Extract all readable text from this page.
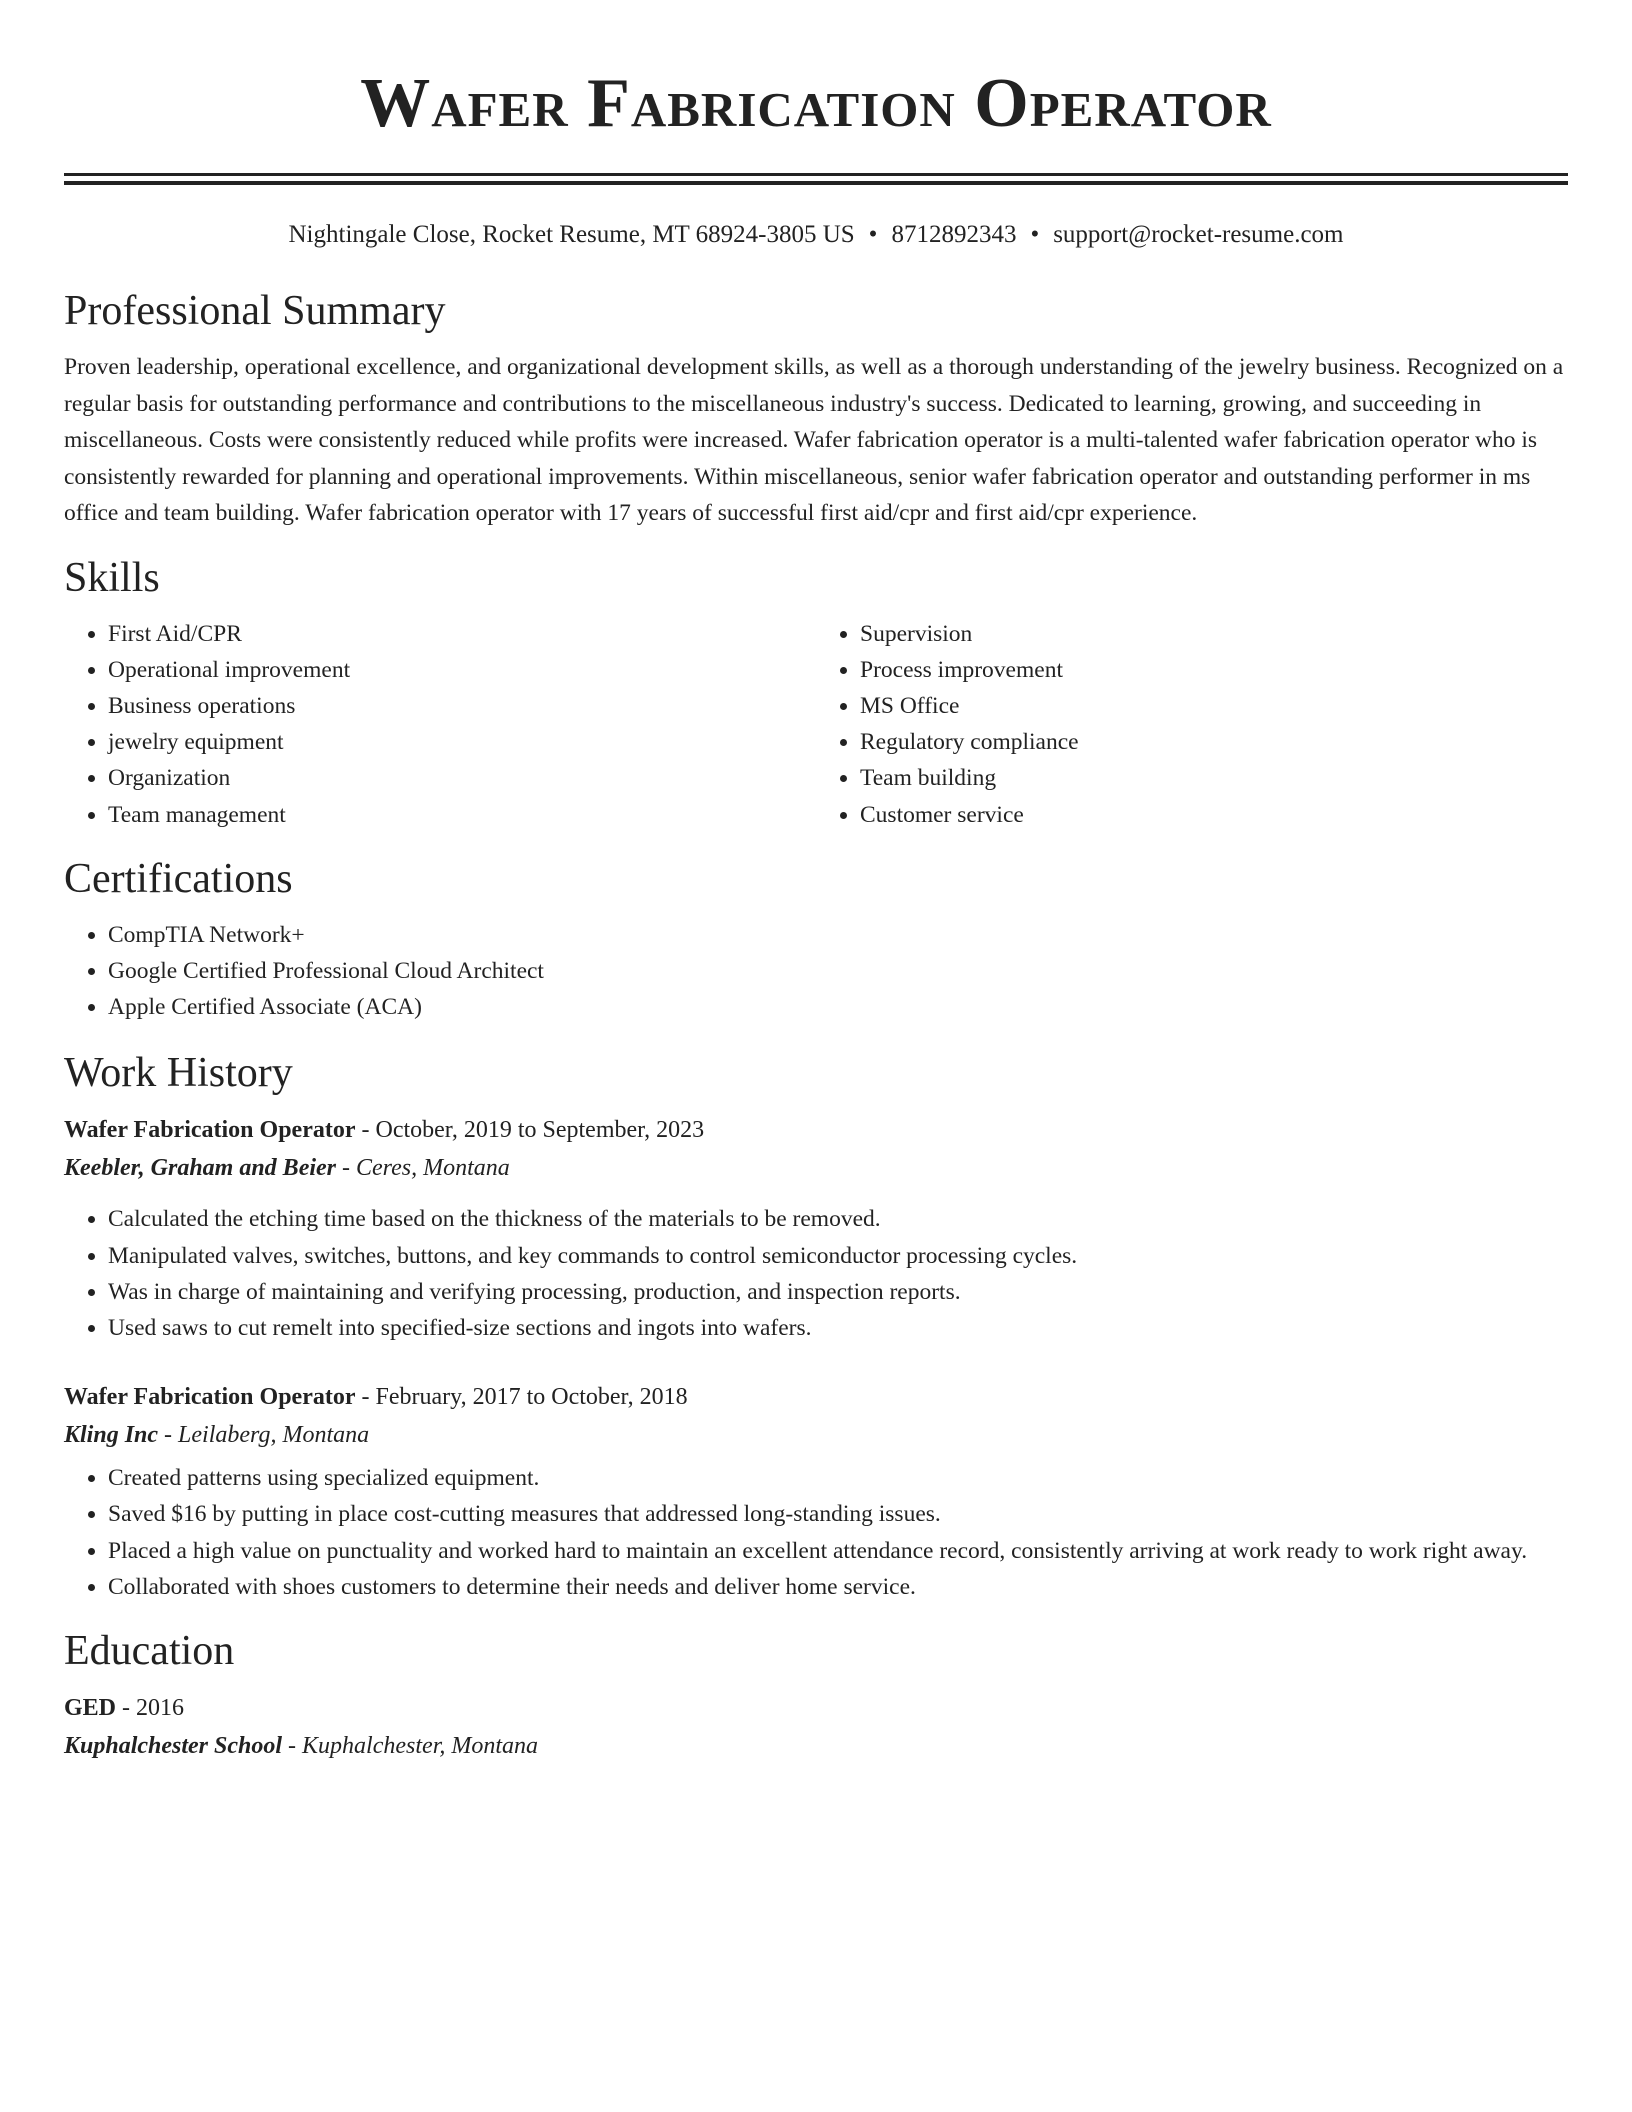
Wafer Fabrication Operator
Nightingale Close, Rocket Resume, MT 68924-3805 US • 8712892343 • support@rocket-resume.com
Professional Summary
Proven leadership, operational excellence, and organizational development skills, as well as a thorough understanding of the jewelry business. Recognized on a regular basis for outstanding performance and contributions to the miscellaneous industry's success. Dedicated to learning, growing, and succeeding in miscellaneous. Costs were consistently reduced while profits were increased. Wafer fabrication operator is a multi-talented wafer fabrication operator who is consistently rewarded for planning and operational improvements. Within miscellaneous, senior wafer fabrication operator and outstanding performer in ms office and team building. Wafer fabrication operator with 17 years of successful first aid/cpr and first aid/cpr experience.
Skills
• First Aid/CPR
• Operational improvement
• Business operations
• jewelry equipment
• Organization
• Team management
• Supervision
• Process improvement
• MS Office
• Regulatory compliance
• Team building
• Customer service
Certifications
• CompTIA Network+
• Google Certified Professional Cloud Architect
• Apple Certified Associate (ACA)
Work History
Wafer Fabrication Operator - October, 2019 to September, 2023
Keebler, Graham and Beier - Ceres, Montana
• Calculated the etching time based on the thickness of the materials to be removed.
• Manipulated valves, switches, buttons, and key commands to control semiconductor processing cycles.
• Was in charge of maintaining and verifying processing, production, and inspection reports.
• Used saws to cut remelt into specified-size sections and ingots into wafers.
Wafer Fabrication Operator - February, 2017 to October, 2018
Kling Inc - Leilaberg, Montana
• Created patterns using specialized equipment.
• Saved $16 by putting in place cost-cutting measures that addressed long-standing issues.
• Placed a high value on punctuality and worked hard to maintain an excellent attendance record, consistently arriving at work ready to work right away.
• Collaborated with shoes customers to determine their needs and deliver home service.
Education
GED - 2016
Kuphalchester School - Kuphalchester, Montana
